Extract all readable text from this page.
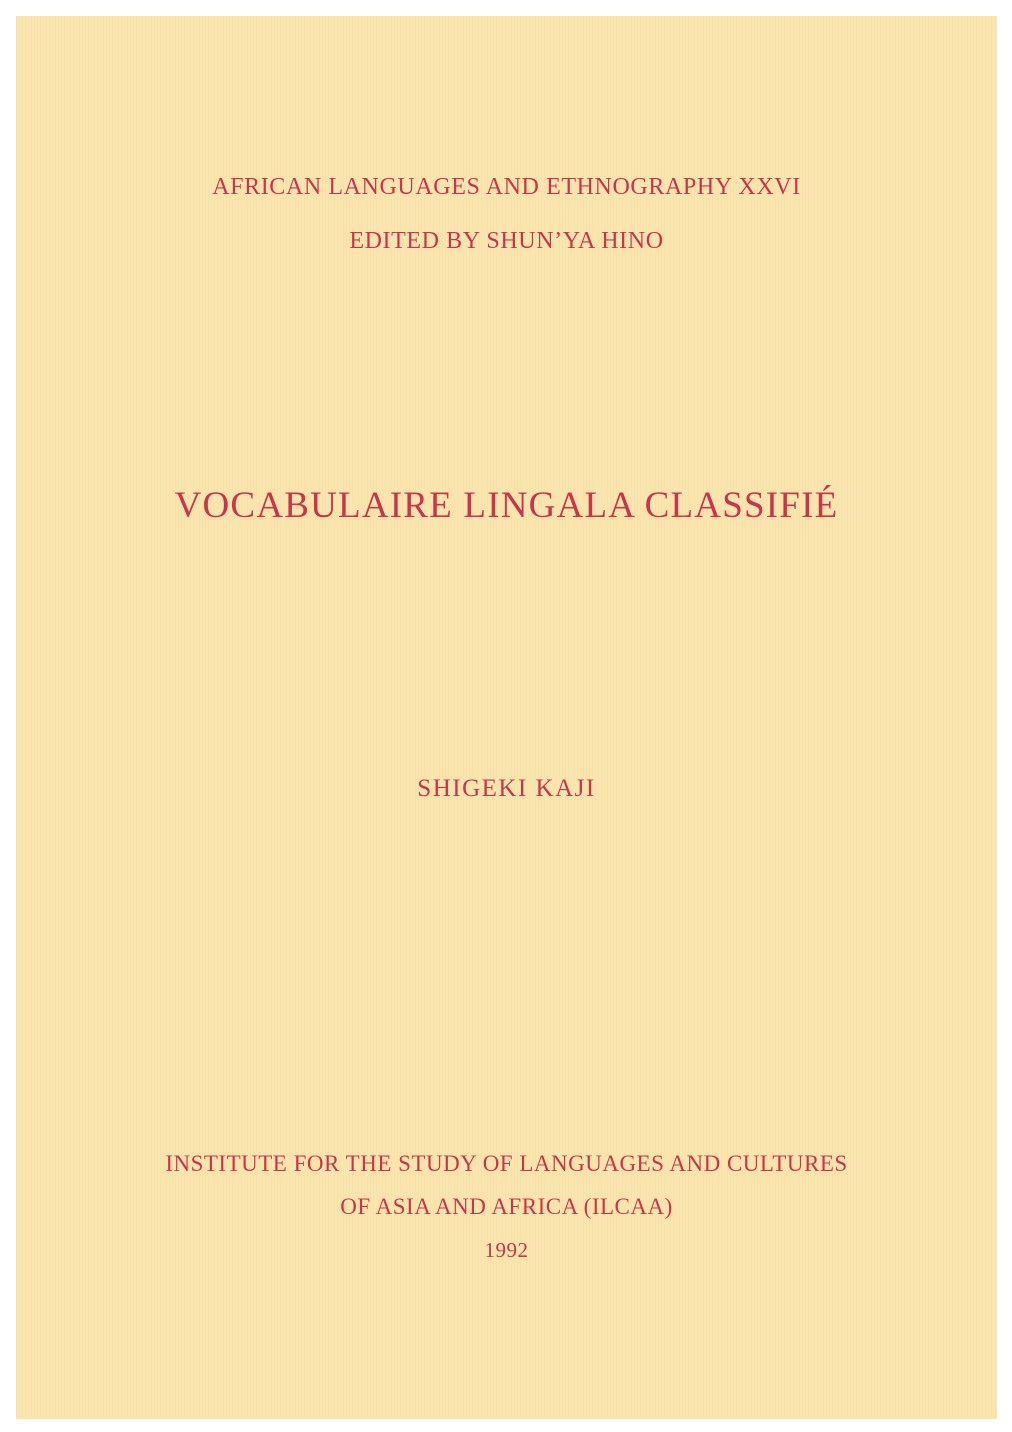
AFRICAN LANGUAGES AND ETHNOGRAPHY XXVI
EDITED BY SHUN’YA HINO
VOCABULAIRE LINGALA CLASSIFIÉ
SHIGEKI KAJI
INSTITUTE FOR THE STUDY OF LANGUAGES AND CULTURES
OF ASIA AND AFRICA (ILCAA)
1992
